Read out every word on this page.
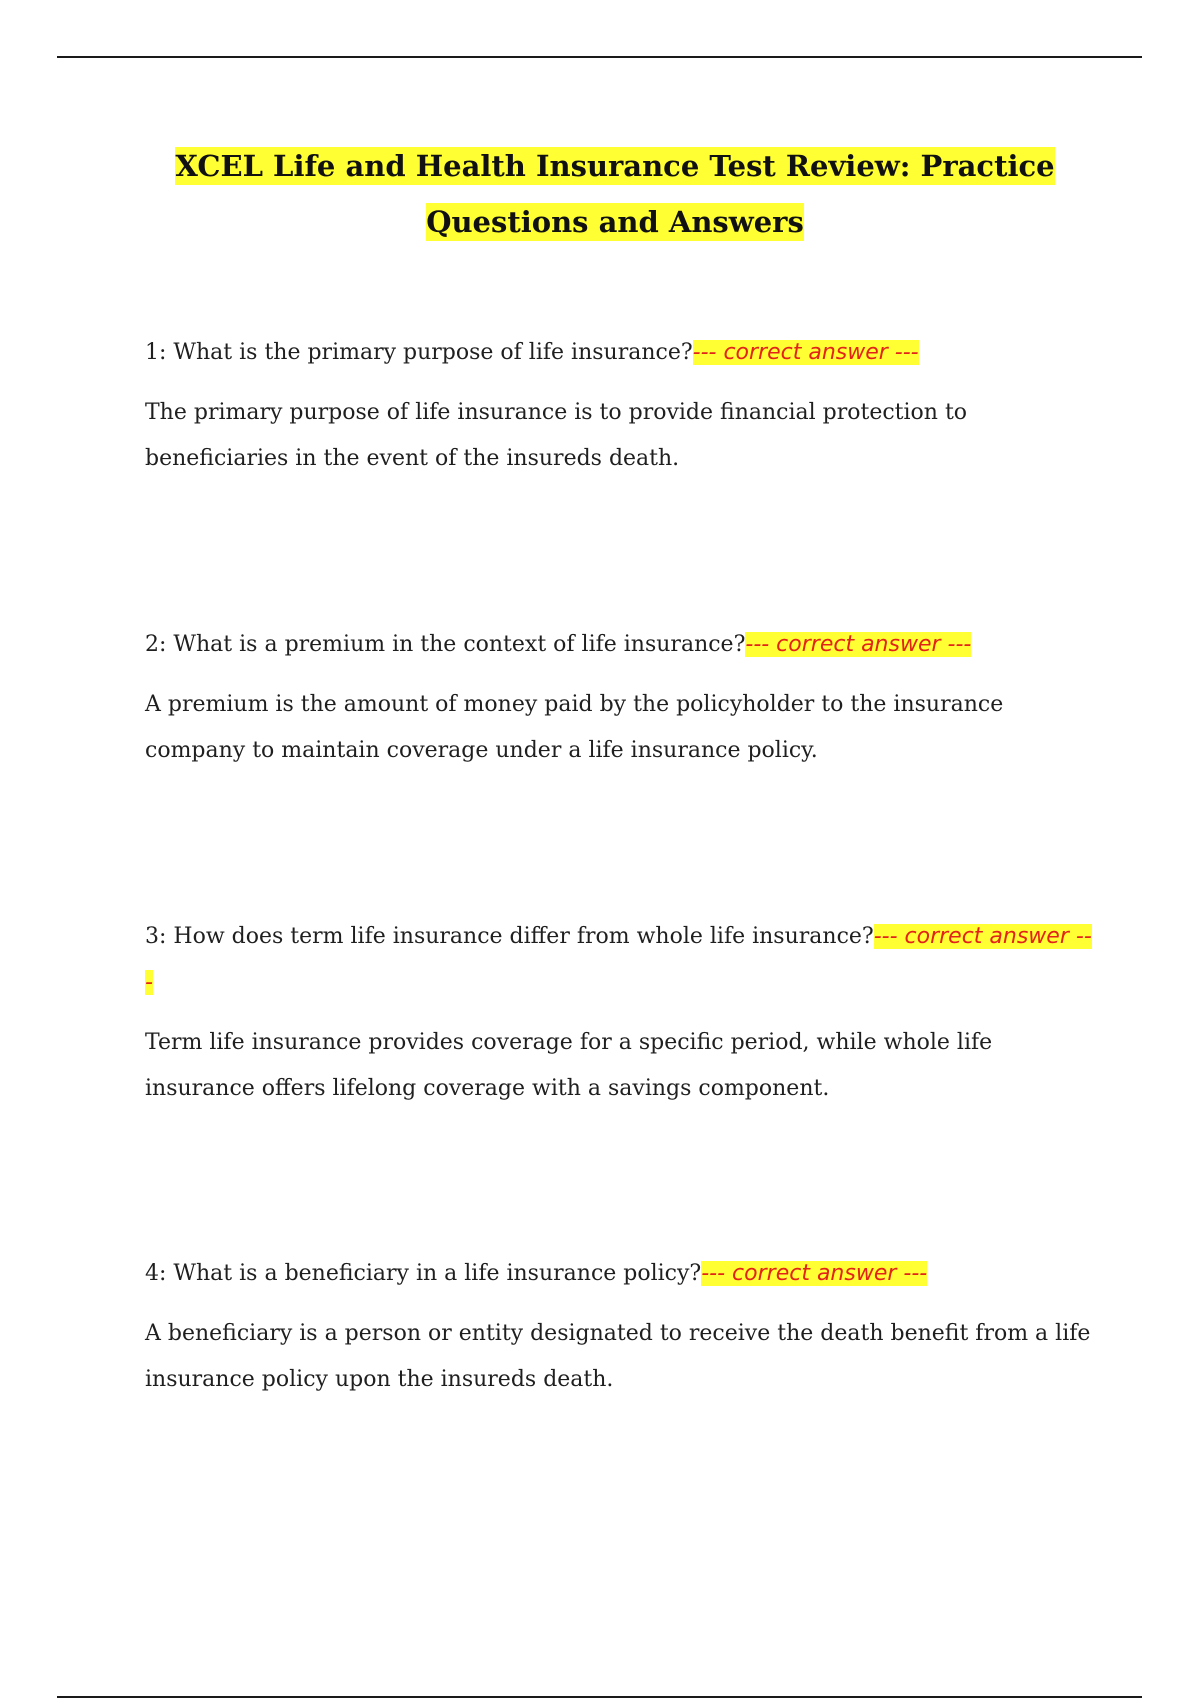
XCEL Life and Health Insurance Test Review: Practice
Questions and Answers

1: What is the primary purpose of life insurance?--- correct answer ---

The primary purpose of life insurance is to provide financial protection to beneficiaries in the event of the insureds death.

2: What is a premium in the context of life insurance?--- correct answer ---

A premium is the amount of money paid by the policyholder to the insurance company to maintain coverage under a life insurance policy.

3: How does term life insurance differ from whole life insurance?--- correct answer ---

Term life insurance provides coverage for a specific period, while whole life insurance offers lifelong coverage with a savings component.

4: What is a beneficiary in a life insurance policy?--- correct answer ---

A beneficiary is a person or entity designated to receive the death benefit from a life insurance policy upon the insureds death.
